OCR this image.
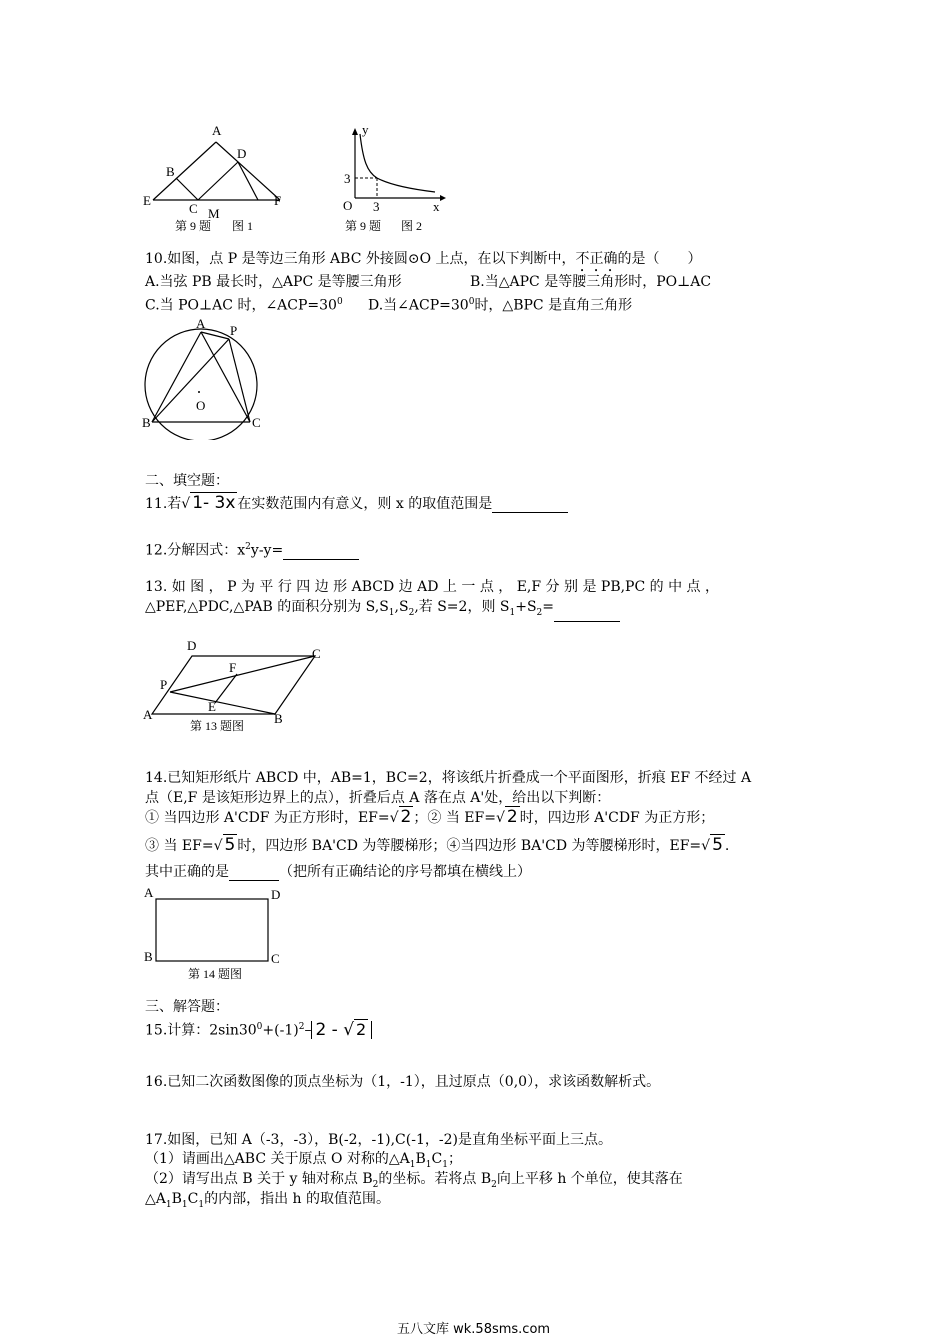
A
B
D
E	F
C M
第 9 题 图 1
y
x
3
3
O
第 9 题 图 2
10.如图，点 P 是等边三角形 ABC 外接圆⊙O 上点，在以下判断中，不正确的是（　　）
A.当弦 PB 最长时，△APC 是等腰三角形	B.当△APC 是等腰三角形时，PO⊥AC
C.当 PO⊥AC 时，$\angle ACP=30^0$ D.当$\angle ACP=30^0$时，△BPC 是直角三角形
A P
O
B	C
二、填空题：
11.若√ 1- 3x 在实数范围内有意义，则 x 的取值范围是
12.分解因式：$x^2y-y=$
13. 如 图 ， P 为 平 行 四 边 形 ABCD 边 AD 上 一 点 ， E,F 分 别 是 PB,PC 的 中 点 ，
△PEF,△PDC,△PAB 的面积分别为 $S,S_1,S_2$,若 S=2，则 $S_1+S_2=$
D
C
F
P
E
A	B
第 13 题图
14.已知矩形纸片 ABCD 中，AB=1，BC=2，将该纸片折叠成一个平面图形，折痕 EF 不经过 A
点（E,F 是该矩形边界上的点），折叠后点 A 落在点 A'处，给出以下判断：
① 当四边形 A'CDF 为正方形时，EF=√ 2 ；② 当 EF=√ 2 时，四边形 A'CDF 为正方形；
③ 当 EF=√ 5 时，四边形 BA'CD 为等腰梯形；④当四边形 BA'CD 为等腰梯形时，EF=√ 5 .
其中正确的是	（把所有正确结论的序号都填在横线上）
A	D
B	C
第 14 题图
三、解答题：
15.计算：$2\sin 30^0+(-1)^2-$ 2 - √ 2
16.已知二次函数图像的顶点坐标为（1，-1），且过原点（0,0），求该函数解析式。
17.如图，已知 A（-3，-3），B(-2，-1),C(-1，-2)是直角坐标平面上三点。
（1）请画出△ABC 关于原点 O 对称的$\triangle A_1B_1C_1$；
（2）请写出点 B 关于 y 轴对称点 $B_2$的坐标。若将点 $B_2$向上平移 h 个单位，使其落在
$\triangle A_1B_1C_1$的内部，指出 h 的取值范围。
五八文库 wk.58sms.com
